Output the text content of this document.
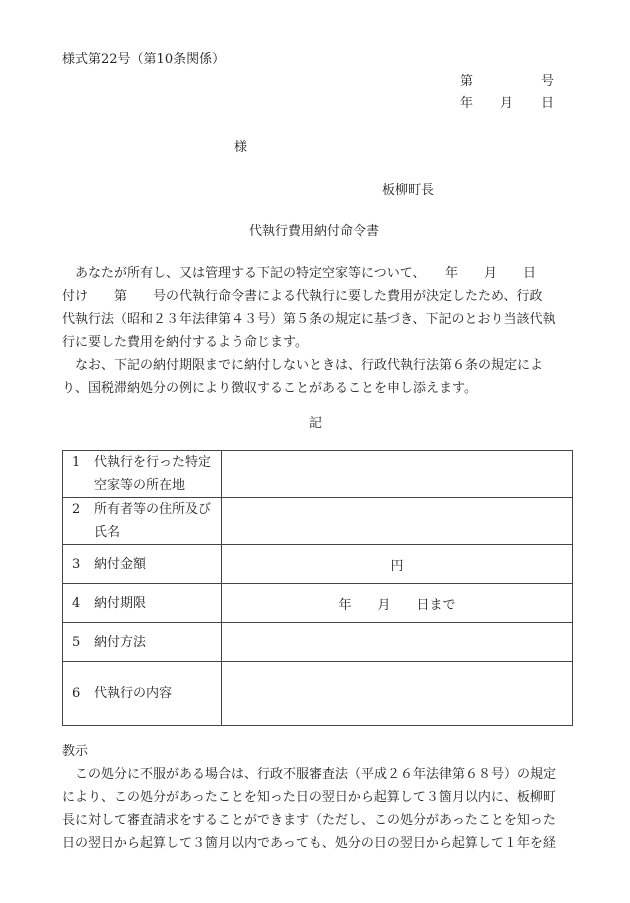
様式第22号（第10条関係）
第	号
年 月 日
様
板柳町長
代執行費用納付命令書

あなたが所有し、又は管理する下記の特定空家等について、　　年　　月　　日

付け　　第　　号の代執行命令書による代執行に要した費用が決定したため、行政
代執行法（昭和２３年法律第４３号）第５条の規定に基づき、下記のとおり当該代執
行に要した費用を納付するよう命じます。

なお、下記の納付期限までに納付しないときは、行政代執行法第６条の規定によ

り、国税滞納処分の例により徴収することがあることを申し添えます。
記
1 代執行を行った特定空家等の所在地	

2 所有者等の住所及び氏名	

3 納付金額	円

4 納付期限	年　　月　　日まで

5 納付方法	

6 代執行の内容	

教示

この処分に不服がある場合は、行政不服審査法（平成２６年法律第６８号）の規定

により、この処分があったことを知った日の翌日から起算して３箇月以内に、板柳町
長に対して審査請求をすることができます（ただし、この処分があったことを知った
日の翌日から起算して３箇月以内であっても、処分の日の翌日から起算して１年を経
